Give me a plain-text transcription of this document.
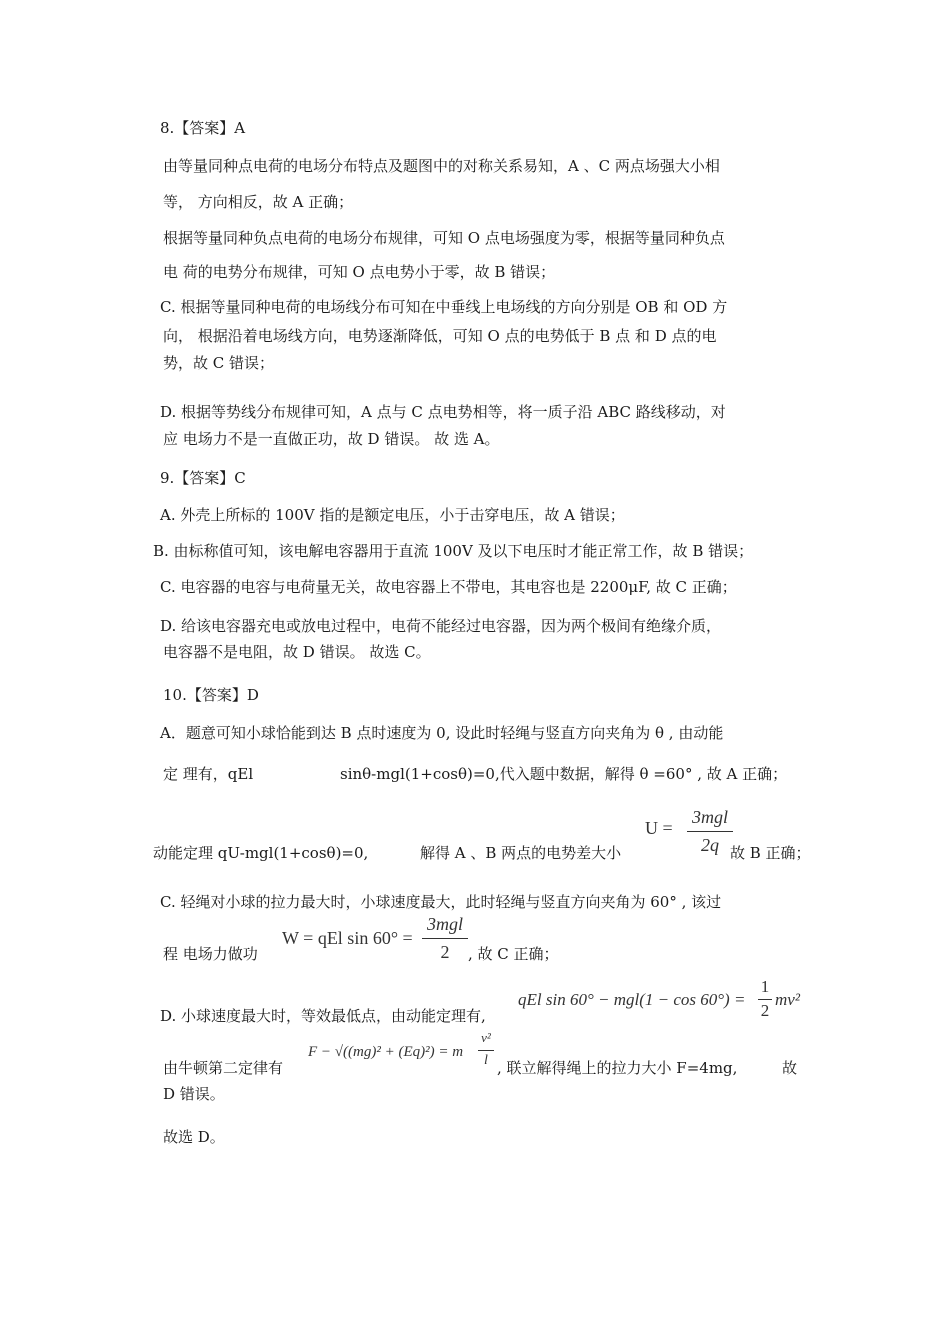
8.【答案】A
由等量同种点电荷的电场分布特点及题图中的对称关系易知，A 、C 两点场强大小相
等， 方向相反，故 A 正确；
根据等量同种负点电荷的电场分布规律，可知 O 点电场强度为零，根据等量同种负点
电 荷的电势分布规律，可知 O 点电势小于零，故 B 错误；
C. 根据等量同种电荷的电场线分布可知在中垂线上电场线的方向分别是 OB 和 OD 方
向， 根据沿着电场线方向，电势逐渐降低，可知 O 点的电势低于 B 点 和 D 点的电
势，故 C 错误；
D. 根据等势线分布规律可知，A 点与 C 点电势相等，将一质子沿 ABC 路线移动，对
应 电场力不是一直做正功，故 D 错误。 故 选 A。
9.【答案】C
A. 外壳上所标的 100V 指的是额定电压，小于击穿电压，故 A 错误；
B. 由标称值可知，该电解电容器用于直流 100V 及以下电压时才能正常工作，故 B 错误；
C. 电容器的电容与电荷量无关，故电容器上不带电，其电容也是 2200μF, 故 C 正确；
D. 给该电容器充电或放电过程中，电荷不能经过电容器，因为两个极间有绝缘介质，
电容器不是电阻，故 D 错误。 故选 C。
10.【答案】D
A．题意可知小球恰能到达 B 点时速度为 0, 设此时轻绳与竖直方向夹角为 θ , 由动能
定 理有，qEl	sinθ-mgl(1+cosθ)=0,代入题中数据，解得 θ =60° , 故 A 正确；
动能定理 qU-mgl(1+cosθ)=0,	解得 A 、B 两点的电势差大小
U =
3mgl
2q 故 B 正确；
C. 轻绳对小球的拉力最大时，小球速度最大，此时轻绳与竖直方向夹角为 60° , 该过
程 电场力做功
W = qEl sin 60° =
3mgl
2	, 故 C 正确；
D. 小球速度最大时，等效最低点，由动能定理有,
qEl sin 60° − mgl(1 − cos 60°) =
1
2
mv²
由牛顿第二定律有
F − √((mg)² + (Eq)²) = m
v²
l , 联立解得绳上的拉力大小 F=4mg,	故
D 错误。
故选 D。
